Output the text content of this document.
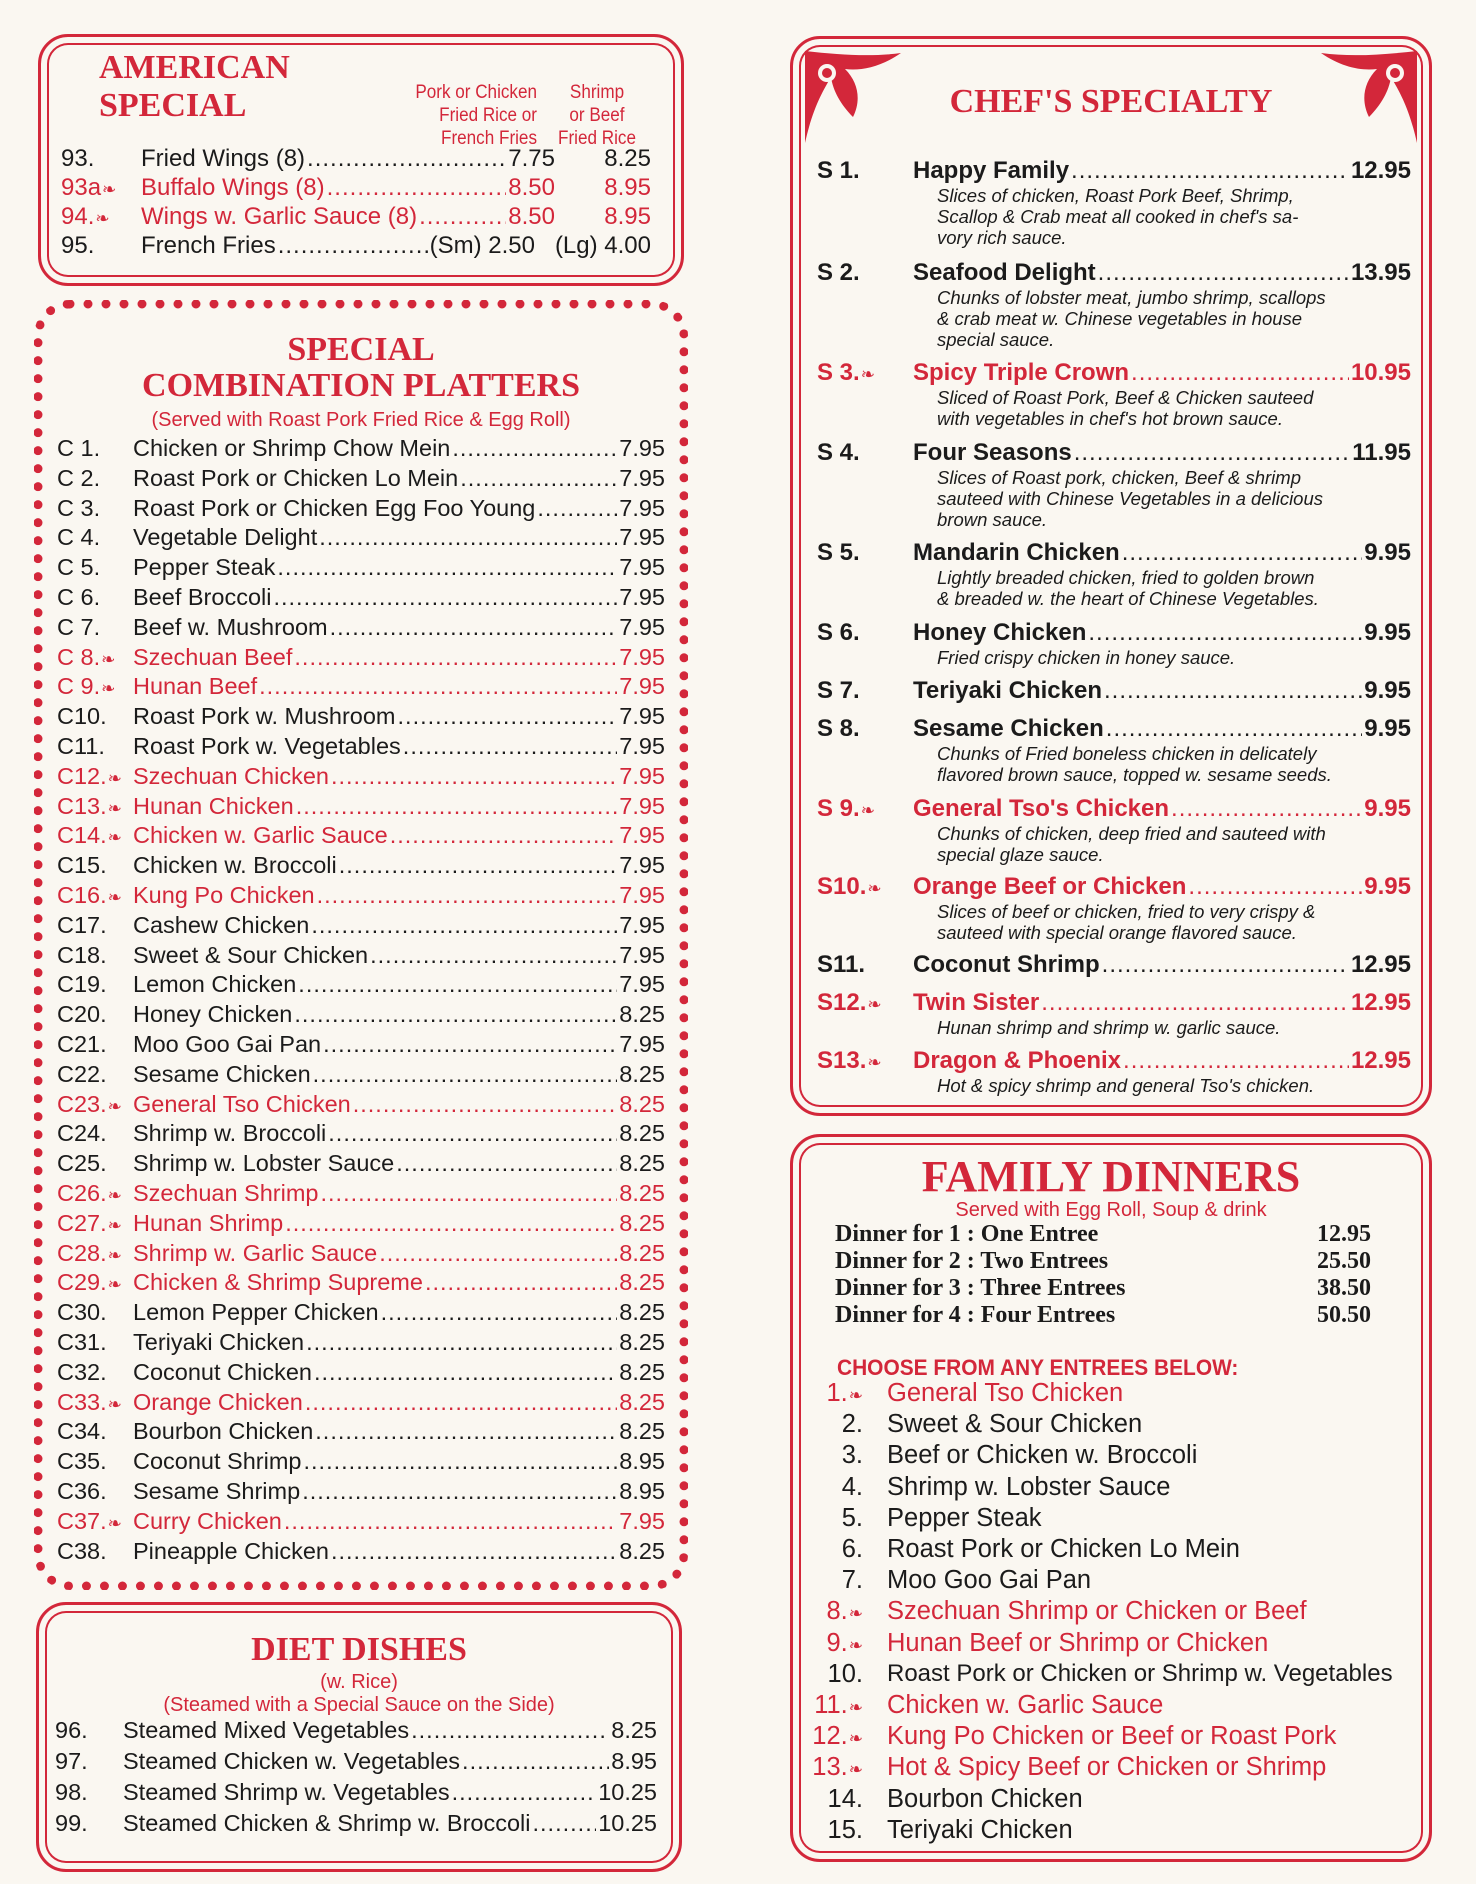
AMERICAN
SPECIAL	Pork or Chicken
Fried Rice or
French Fries
Shrimp
or Beef
Fried Rice
93.	Fried Wings (8) .....	7.75	8.25
93a ❧	Buffalo Wings (8) .....	8.50	8.95
94. ❧	Wings w. Garlic Sauce (8) .....	8.50	8.95
95.	French Fries .....	(Sm) 2.50 (Lg) 4.00
SPECIAL
COMBINATION PLATTERS
(Served with Roast Pork Fried Rice & Egg Roll)
C 1.	Chicken or Shrimp Chow Mein .....	7.95
C 2.	Roast Pork or Chicken Lo Mein .....	7.95
C 3.	Roast Pork or Chicken Egg Foo Young .....	7.95
C 4.	Vegetable Delight .....	7.95
C 5.	Pepper Steak .....	7.95
C 6.	Beef Broccoli .....	7.95
C 7.	Beef w. Mushroom .....	7.95
C 8. ❧	Szechuan Beef .....	7.95
C 9. ❧	Hunan Beef .....	7.95
C10.	Roast Pork w. Mushroom .....	7.95
C11.	Roast Pork w. Vegetables .....	7.95
C12. ❧	Szechuan Chicken .....	7.95
C13. ❧	Hunan Chicken .....	7.95
C14. ❧	Chicken w. Garlic Sauce .....	7.95
C15.	Chicken w. Broccoli .....	7.95
C16. ❧	Kung Po Chicken .....	7.95
C17.	Cashew Chicken .....	7.95
C18.	Sweet & Sour Chicken .....	7.95
C19.	Lemon Chicken .....	7.95
C20.	Honey Chicken .....	8.25
C21.	Moo Goo Gai Pan .....	7.95
C22.	Sesame Chicken .....	8.25
C23. ❧	General Tso Chicken .....	8.25
C24.	Shrimp w. Broccoli .....	8.25
C25.	Shrimp w. Lobster Sauce .....	8.25
C26. ❧	Szechuan Shrimp .....	8.25
C27. ❧	Hunan Shrimp .....	8.25
C28. ❧	Shrimp w. Garlic Sauce .....	8.25
C29. ❧	Chicken & Shrimp Supreme .....	8.25
C30.	Lemon Pepper Chicken .....	8.25
C31.	Teriyaki Chicken .....	8.25
C32.	Coconut Chicken .....	8.25
C33. ❧	Orange Chicken .....	8.25
C34.	Bourbon Chicken .....	8.25
C35.	Coconut Shrimp .....	8.95
C36.	Sesame Shrimp .....	8.95
C37. ❧	Curry Chicken .....	7.95
C38.	Pineapple Chicken .....	8.25
DIET DISHES
(w. Rice)
(Steamed with a Special Sauce on the Side)
96.	Steamed Mixed Vegetables .....	8.25
97.	Steamed Chicken w. Vegetables .....	8.95
98.	Steamed Shrimp w. Vegetables .....	10.25
99.	Steamed Chicken & Shrimp w. Broccoli .....	10.25
CHEF'S SPECIALTY
S 1.	Happy Family .....	12.95
Slices of chicken, Roast Pork Beef, Shrimp,
Scallop & Crab meat all cooked in chef's sa-
vory rich sauce.
S 2.	Seafood Delight .....	13.95
Chunks of lobster meat, jumbo shrimp, scallops
& crab meat w. Chinese vegetables in house
special sauce.
S 3. ❧	Spicy Triple Crown .....	10.95
Sliced of Roast Pork, Beef & Chicken sauteed
with vegetables in chef's hot brown sauce.
S 4.	Four Seasons .....	11.95
Slices of Roast pork, chicken, Beef & shrimp
sauteed with Chinese Vegetables in a delicious
brown sauce.
S 5.	Mandarin Chicken .....	9.95
Lightly breaded chicken, fried to golden brown
& breaded w. the heart of Chinese Vegetables.
S 6.	Honey Chicken .....	9.95
Fried crispy chicken in honey sauce.
S 7.	Teriyaki Chicken .....	9.95
S 8.	Sesame Chicken .....	9.95
Chunks of Fried boneless chicken in delicately
flavored brown sauce, topped w. sesame seeds.
S 9. ❧	General Tso's Chicken .....	9.95
Chunks of chicken, deep fried and sauteed with
special glaze sauce.
S10. ❧	Orange Beef or Chicken .....	9.95
Slices of beef or chicken, fried to very crispy &
sauteed with special orange flavored sauce.
S11.	Coconut Shrimp .....	12.95
S12. ❧	Twin Sister .....	12.95
Hunan shrimp and shrimp w. garlic sauce.
S13. ❧	Dragon & Phoenix .....	12.95
Hot & spicy shrimp and general Tso's chicken.
FAMILY DINNERS
Served with Egg Roll, Soup & drink
Dinner for 1 : One Entree	12.95
Dinner for 2 : Two Entrees	25.50
Dinner for 3 : Three Entrees	38.50
Dinner for 4 : Four Entrees	50.50
CHOOSE FROM ANY ENTREES BELOW:
1. ❧	General Tso Chicken
2. Sweet & Sour Chicken
3. Beef or Chicken w. Broccoli
4. Shrimp w. Lobster Sauce
5. Pepper Steak
6. Roast Pork or Chicken Lo Mein
7. Moo Goo Gai Pan
8. ❧	Szechuan Shrimp or Chicken or Beef
9. ❧	Hunan Beef or Shrimp or Chicken
10.	Roast Pork or Chicken or Shrimp w. Vegetables
11. ❧	Chicken w. Garlic Sauce
12. ❧	Kung Po Chicken or Beef or Roast Pork
13. ❧	Hot & Spicy Beef or Chicken or Shrimp
14. Bourbon Chicken
15. Teriyaki Chicken
